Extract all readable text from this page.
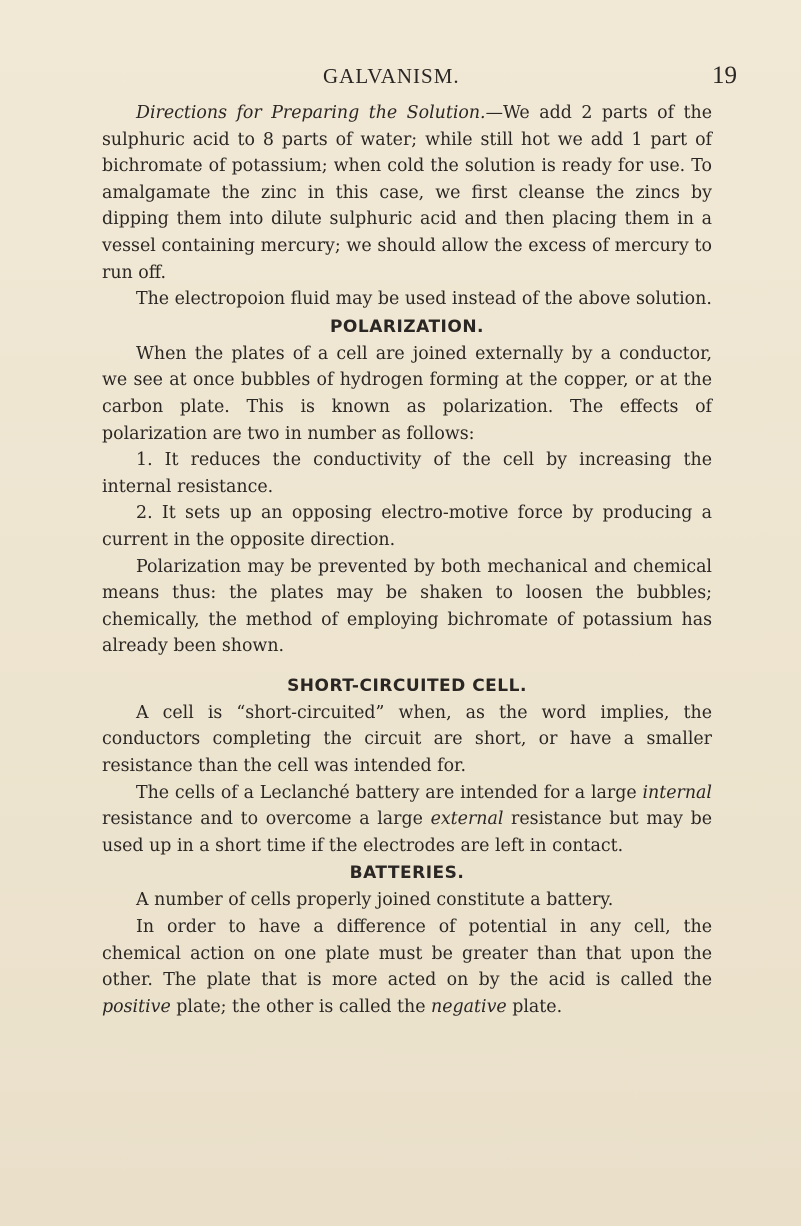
GALVANISM.	19

Directions for Preparing the Solution.—We add 2 parts of the sulphuric acid to 8 parts of water; while still hot we add 1 part of bichromate of potassium; when cold the solution is ready for use. To amalgamate the zinc in this case, we first cleanse the zincs by dipping them into dilute sulphuric acid and then placing them in a vessel containing mercury; we should allow the excess of mercury to run off.

The electropoion fluid may be used instead of the above solution.

POLARIZATION.

When the plates of a cell are joined externally by a conductor, we see at once bubbles of hydrogen forming at the copper, or at the carbon plate. This is known as polarization. The effects of polarization are two in number as follows:

1. It reduces the conductivity of the cell by increasing the internal resistance.

2. It sets up an opposing electro-motive force by producing a current in the opposite direction.

Polarization may be prevented by both mechanical and chemical means thus: the plates may be shaken to loosen the bubbles; chemically, the method of employing bichromate of potassium has already been shown.

SHORT-CIRCUITED CELL.

A cell is “short-circuited” when, as the word implies, the conductors completing the circuit are short, or have a smaller resistance than the cell was intended for.

The cells of a Leclanché battery are intended for a large internal resistance and to overcome a large external resistance but may be used up in a short time if the electrodes are left in contact.

BATTERIES.

A number of cells properly joined constitute a battery.

In order to have a difference of potential in any cell, the chemical action on one plate must be greater than that upon the other. The plate that is more acted on by the acid is called the positive plate; the other is called the negative plate.
